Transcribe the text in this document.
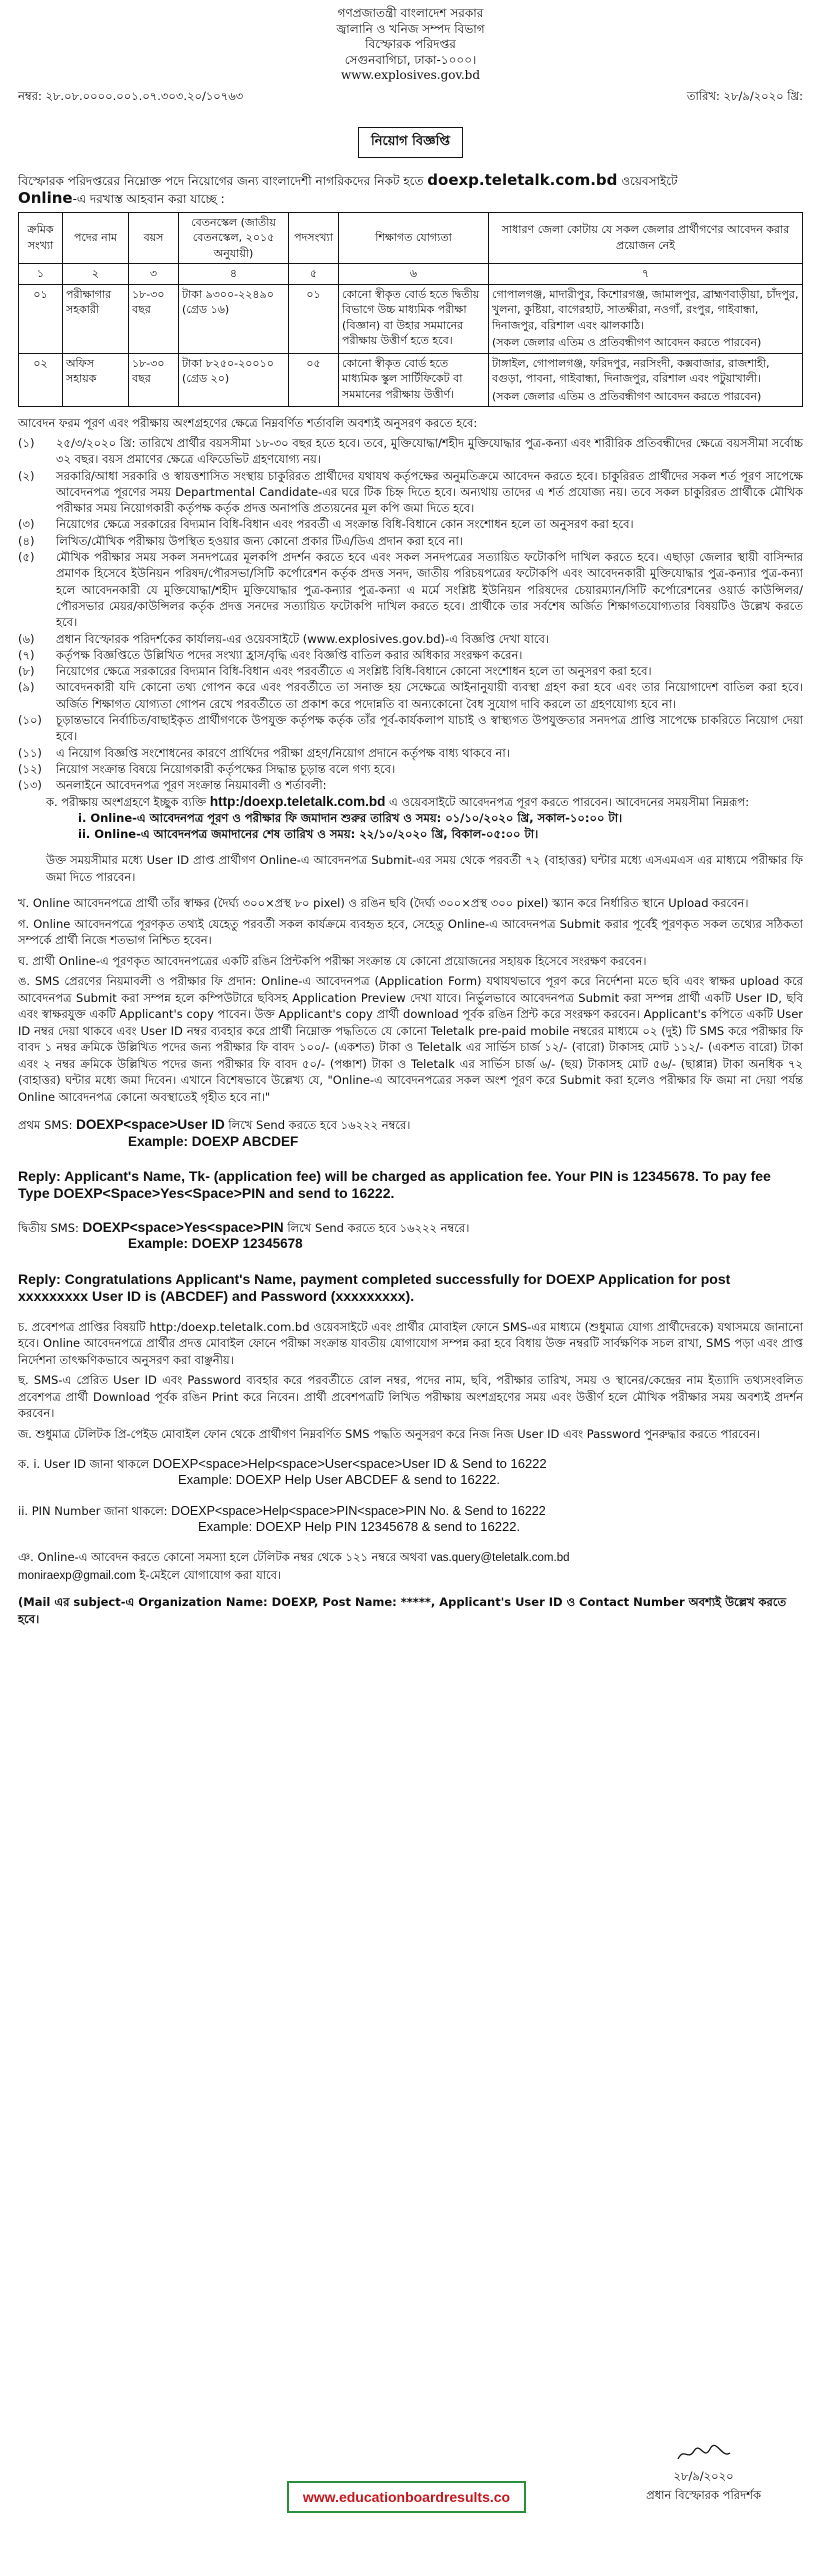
গণপ্রজাতন্ত্রী বাংলাদেশ সরকার
জ্বালানি ও খনিজ সম্পদ বিভাগ
বিস্ফোরক পরিদপ্তর
সেগুনবাগিচা, ঢাকা-১০০০।
www.explosives.gov.bd
নম্বর: ২৮.০৮.০০০০.০০১.০৭.৩০৩.২০/১০৭৬৩	তারিখ: ২৮/৯/২০২০ খ্রি:
নিয়োগ বিজ্ঞপ্তি
বিস্ফোরক পরিদপ্তরের নিম্নোক্ত পদে নিয়োগের জন্য বাংলাদেশী নাগরিকদের নিকট হতে doexp.teletalk.com.bd ওয়েবসাইটে
Online-এ দরখাস্ত আহবান করা যাচ্ছে :
ক্রমিক সংখ্যা	পদের নাম	বয়স	বেতনস্কেল (জাতীয় বেতনস্কেল, ২০১৫ অনুযায়ী)	পদসংখ্যা	শিক্ষাগত যোগ্যতা	সাধারণ জেলা কোটায় যে সকল জেলার প্রার্থীগণের আবেদন করার প্রয়োজন নেই
১	২	৩	৪	৫	৬	৭
০১	পরীক্ষাগার সহকারী	১৮-৩০ বছর	টাকা ৯৩০০-২২৪৯০ (গ্রেড ১৬)	০১	কোনো স্বীকৃত বোর্ড হতে দ্বিতীয় বিভাগে উচ্চ মাধ্যমিক পরীক্ষা (বিজ্ঞান) বা উহার সমমানের পরীক্ষায় উত্তীর্ণ হতে হবে।	গোপালগঞ্জ, মাদারীপুর, কিশোরগঞ্জ, জামালপুর, ব্রাহ্মণবাড়ীয়া, চাঁদপুর, খুলনা, কুষ্টিয়া, বাগেরহাট, সাতক্ষীরা, নওগাঁ, রংপুর, গাইবান্ধা, দিনাজপুর, বরিশাল এবং ঝালকাঠি।
(সকল জেলার এতিম ও প্রতিবন্ধীগণ আবেদন করতে পারবেন)

০২	অফিস সহায়ক	১৮-৩০ বছর	টাকা ৮২৫০-২০০১০ (গ্রেড ২০)	০৫	কোনো স্বীকৃত বোর্ড হতে মাধ্যমিক স্কুল সার্টিফিকেট বা সমমানের পরীক্ষায় উত্তীর্ণ।	টাঙ্গাইল, গোপালগঞ্জ, ফরিদপুর, নরসিংদী, কক্সবাজার, রাজশাহী, বগুড়া, পাবনা, গাইবান্ধা, দিনাজপুর, বরিশাল এবং পটুয়াখালী।
(সকল জেলার এতিম ও প্রতিবন্ধীগণ আবেদন করতে পারবেন)
আবেদন ফরম পূরণ এবং পরীক্ষায় অংশগ্রহণের ক্ষেত্রে নিম্নবর্ণিত শর্তাবলি অবশ্যই অনুসরণ করতে হবে:
(১)	২৫/৩/২০২০ খ্রি: তারিখে প্রার্থীর বয়সসীমা ১৮-৩০ বছর হতে হবে। তবে, মুক্তিযোদ্ধা/শহীদ মুক্তিযোদ্ধার পুত্র-কন্যা এবং শারীরিক প্রতিবন্ধীদের ক্ষেত্রে বয়সসীমা সর্বোচ্চ ৩২ বছর। বয়স প্রমাণের ক্ষেত্রে এফিডেভিট গ্রহণযোগ্য নয়।
(২)	সরকারি/আধা সরকারি ও স্বায়ত্তশাসিত সংস্থায় চাকুরিরত প্রার্থীদের যথাযথ কর্তৃপক্ষের অনুমতিক্রমে আবেদন করতে হবে। চাকুরিরত প্রার্থীদের সকল শর্ত পূরণ সাপেক্ষে আবেদনপত্র পূরণের সময় Departmental Candidate-এর ঘরে টিক চিহ্ন দিতে হবে। অন্যথায় তাদের এ শর্ত প্রযোজ্য নয়। তবে সকল চাকুরিরত প্রার্থীকে মৌখিক পরীক্ষার সময় নিয়োগকারী কর্তৃপক্ষ কর্তৃক প্রদত্ত অনাপত্তি প্রত্যয়নের মূল কপি জমা দিতে হবে।
(৩)	নিয়োগের ক্ষেত্রে সরকারের বিদ্যমান বিধি-বিধান এবং পরবর্তী এ সংক্রান্ত বিধি-বিধানে কোন সংশোধন হলে তা অনুসরণ করা হবে।
(৪)	লিখিত/মৌখিক পরীক্ষায় উপস্থিত হওয়ার জন্য কোনো প্রকার টিএ/ডিএ প্রদান করা হবে না।
(৫)	মৌখিক পরীক্ষার সময় সকল সনদপত্রের মূলকপি প্রদর্শন করতে হবে এবং সকল সনদপত্রের সত্যায়িত ফটোকপি দাখিল করতে হবে। এছাড়া জেলার স্থায়ী বাসিন্দার প্রমাণক হিসেবে ইউনিয়ন পরিষদ/পৌরসভা/সিটি কর্পোরেশন কর্তৃক প্রদত্ত সনদ, জাতীয় পরিচয়পত্রের ফটোকপি এবং আবেদনকারী মুক্তিযোদ্ধার পুত্র-কন্যার পুত্র-কন্যা হলে আবেদনকারী যে মুক্তিযোদ্ধা/শহীদ মুক্তিযোদ্ধার পুত্র-কন্যার পুত্র-কন্যা এ মর্মে সংশ্লিষ্ট ইউনিয়ন পরিষদের চেয়ারম্যান/সিটি কর্পোরেশনের ওয়ার্ড কাউন্সিলর/পৌরসভার মেয়র/কাউন্সিলর কর্তৃক প্রদত্ত সনদের সত্যায়িত ফটোকপি দাখিল করতে হবে। প্রার্থীকে তার সর্বশেষ অর্জিত শিক্ষাগতযোগ্যতার বিষয়টিও উল্লেখ করতে হবে।
(৬)	প্রধান বিস্ফোরক পরিদর্শকের কার্যালয়-এর ওয়েবসাইটে (www.explosives.gov.bd)-এ বিজ্ঞপ্তি দেখা যাবে।
(৭)	কর্তৃপক্ষ বিজ্ঞপ্তিতে উল্লিখিত পদের সংখ্যা হ্রাস/বৃদ্ধি এবং বিজ্ঞপ্তি বাতিল করার অধিকার সংরক্ষণ করেন।
(৮)	নিয়োগের ক্ষেত্রে সরকারের বিদ্যমান বিধি-বিধান এবং পরবর্তীতে এ সংশ্লিষ্ট বিধি-বিধানে কোনো সংশোধন হলে তা অনুসরণ করা হবে।
(৯)	আবেদনকারী যদি কোনো তথ্য গোপন করে এবং পরবর্তীতে তা সনাক্ত হয় সেক্ষেত্রে আইনানুযায়ী ব্যবস্থা গ্রহণ করা হবে এবং তার নিয়োগাদেশ বাতিল করা হবে। অর্জিত শিক্ষাগত যোগ্যতা গোপন রেখে পরবর্তীতে তা প্রকাশ করে পদোন্নতি বা অন্যকোনো বৈধ সুযোগ দাবি করলে তা গ্রহণযোগ্য হবে না।
(১০)	চূড়ান্তভাবে নির্বাচিত/বাছাইকৃত প্রার্থীগণকে উপযুক্ত কর্তৃপক্ষ কর্তৃক তাঁর পূর্ব-কার্যকলাপ যাচাই ও স্বাস্থ্যগত উপযুক্ততার সনদপত্র প্রাপ্তি সাপেক্ষে চাকরিতে নিয়োগ দেয়া হবে।
(১১)	এ নিয়োগ বিজ্ঞপ্তি সংশোধনের কারণে প্রার্থিদের পরীক্ষা গ্রহণ/নিয়োগ প্রদানে কর্তৃপক্ষ বাধ্য থাকবে না।
(১২)	নিয়োগ সংক্রান্ত বিষয়ে নিয়োগকারী কর্তৃপক্ষের সিদ্ধান্ত চূড়ান্ত বলে গণ্য হবে।
(১৩)	অনলাইনে আবেদনপত্র পূরণ সংক্রান্ত নিয়মাবলী ও শর্তাবলী:
ক. পরীক্ষায় অংশগ্রহণে ইচ্ছুক ব্যক্তি http:/doexp.teletalk.com.bd এ ওয়েবসাইটে আবেদনপত্র পূরণ করতে পারবেন। আবেদনের সময়সীমা নিম্নরূপ:
i. Online-এ আবেদনপত্র পূরণ ও পরীক্ষার ফি জমাদান শুরুর তারিখ ও সময়: ০১/১০/২০২০ খ্রি, সকাল-১০:০০ টা।
ii. Online-এ আবেদনপত্র জমাদানের শেষ তারিখ ও সময়: ২২/১০/২০২০ খ্রি, বিকাল-০৫:০০ টা।
উক্ত সময়সীমার মধ্যে User ID প্রাপ্ত প্রার্থীগণ Online-এ আবেদনপত্র Submit-এর সময় থেকে পরবর্তী ৭২ (বাহাত্তর) ঘন্টার মধ্যে এসএমএস এর মাধ্যমে পরীক্ষার ফি জমা দিতে পারবেন।
খ. Online আবেদনপত্রে প্রার্থী তাঁর স্বাক্ষর (দৈর্ঘ্য ৩০০×প্রস্থ ৮০ pixel) ও রঙিন ছবি (দৈর্ঘ্য ৩০০×প্রস্থ ৩০০ pixel) স্ক্যান করে নির্ধারিত স্থানে Upload করবেন।
গ. Online আবেদনপত্রে পূরণকৃত তথ্যই যেহেতু পরবর্তী সকল কার্যক্রমে ব্যবহৃত হবে, সেহেতু Online-এ আবেদনপত্র Submit করার পূর্বেই পূরণকৃত সকল তথ্যের সঠিকতা সম্পর্কে প্রার্থী নিজে শতভাগ নিশ্চিত হবেন।
ঘ. প্রার্থী Online-এ পূরণকৃত আবেদনপত্রের একটি রঙিন প্রিন্টকপি পরীক্ষা সংক্রান্ত যে কোনো প্রয়োজনের সহায়ক হিসেবে সংরক্ষণ করবেন।
ঙ. SMS প্রেরণের নিয়মাবলী ও পরীক্ষার ফি প্রদান: Online-এ আবেদনপত্র (Application Form) যথাযথভাবে পূরণ করে নির্দেশনা মতে ছবি এবং স্বাক্ষর upload করে আবেদনপত্র Submit করা সম্পন্ন হলে কম্পিউটারে ছবিসহ Application Preview দেখা যাবে। নির্ভুলভাবে আবেদনপত্র Submit করা সম্পন্ন প্রার্থী একটি User ID, ছবি এবং স্বাক্ষরযুক্ত একটি Applicant's copy পাবেন। উক্ত Applicant's copy প্রার্থী download পূর্বক রঙিন প্রিন্ট করে সংরক্ষণ করবেন। Applicant's কপিতে একটি User ID নম্বর দেয়া থাকবে এবং User ID নম্বর ব্যবহার করে প্রার্থী নিম্নোক্ত পদ্ধতিতে যে কোনো Teletalk pre-paid mobile নম্বরের মাধ্যমে ০২ (দুই) টি SMS করে পরীক্ষার ফি বাবদ ১ নম্বর ক্রমিকে উল্লিখিত পদের জন্য পরীক্ষার ফি বাবদ ১০০/- (একশত) টাকা ও Teletalk এর সার্ভিস চার্জ ১২/- (বারো) টাকাসহ মোট ১১২/- (একশত বারো) টাকা এবং ২ নম্বর ক্রমিকে উল্লিখিত পদের জন্য পরীক্ষার ফি বাবদ ৫০/- (পঞ্চাশ) টাকা ও Teletalk এর সার্ভিস চার্জ ৬/- (ছয়) টাকাসহ মোট ৫৬/- (ছাপ্পান্ন) টাকা অনধিক ৭২ (বাহাত্তর) ঘন্টার মধ্যে জমা দিবেন। এখানে বিশেষভাবে উল্লেখ্য যে, "Online-এ আবেদনপত্রের সকল অংশ পূরণ করে Submit করা হলেও পরীক্ষার ফি জমা না দেয়া পর্যন্ত Online আবেদনপত্র কোনো অবস্থাতেই গৃহীত হবে না।"
প্রথম SMS: DOEXP<space>User ID লিখে Send করতে হবে ১৬২২২ নম্বরে।
Example: DOEXP ABCDEF
Reply: Applicant's Name, Tk- (application fee) will be charged as application fee. Your PIN is 12345678. To pay fee Type DOEXP<Space>Yes<Space>PIN and send to 16222.
দ্বিতীয় SMS: DOEXP<space>Yes<space>PIN লিখে Send করতে হবে ১৬২২২ নম্বরে।
Example: DOEXP 12345678
Reply: Congratulations Applicant's Name, payment completed successfully for DOEXP Application for post xxxxxxxxx User ID is (ABCDEF) and Password (xxxxxxxxx).
চ. প্রবেশপত্র প্রাপ্তির বিষয়টি http:/doexp.teletalk.com.bd ওয়েবসাইটে এবং প্রার্থীর মোবাইল ফোনে SMS-এর মাধ্যমে (শুধুমাত্র যোগ্য প্রার্থীদেরকে) যথাসময়ে জানানো হবে। Online আবেদনপত্রে প্রার্থীর প্রদত্ত মোবাইল ফোনে পরীক্ষা সংক্রান্ত যাবতীয় যোগাযোগ সম্পন্ন করা হবে বিধায় উক্ত নম্বরটি সার্বক্ষণিক সচল রাখা, SMS পড়া এবং প্রাপ্ত নির্দেশনা তাৎক্ষণিকভাবে অনুসরণ করা বাঞ্ছনীয়।
ছ. SMS-এ প্রেরিত User ID এবং Password ব্যবহার করে পরবর্তীতে রোল নম্বর, পদের নাম, ছবি, পরীক্ষার তারিখ, সময় ও স্থানের/কেন্দ্রের নাম ইত্যাদি তথ্যসংবলিত প্রবেশপত্র প্রার্থী Download পূর্বক রঙিন Print করে নিবেন। প্রার্থী প্রবেশপত্রটি লিখিত পরীক্ষায় অংশগ্রহণের সময় এবং উত্তীর্ণ হলে মৌখিক পরীক্ষার সময় অবশ্যই প্রদর্শন করবেন।
জ. শুধুমাত্র টেলিটক প্রি-পেইড মোবাইল ফোন থেকে প্রার্থীগণ নিম্নবর্ণিত SMS পদ্ধতি অনুসরণ করে নিজ নিজ User ID এবং Password পুনরুদ্ধার করতে পারবেন।
ক. i. User ID জানা থাকলে DOEXP<space>Help<space>User<space>User ID & Send to 16222
Example: DOEXP Help User ABCDEF & send to 16222.
ii. PIN Number জানা থাকলে: DOEXP<space>Help<space>PIN<space>PIN No. & Send to 16222
Example: DOEXP Help PIN 12345678 & send to 16222.
ঞ. Online-এ আবেদন করতে কোনো সমস্যা হলে টেলিটক নম্বর থেকে ১২১ নম্বরে অথবা vas.query@teletalk.com.bd
monirаexp@gmail.com ই-মেইলে যোগাযোগ করা যাবে।
(Mail এর subject-এ Organization Name: DOEXP, Post Name: *****, Applicant's User ID ও Contact Number অবশ্যই উল্লেখ করতে হবে।
২৮/৯/২০২০
প্রধান বিস্ফোরক পরিদর্শক
www.educationboardresults.co
